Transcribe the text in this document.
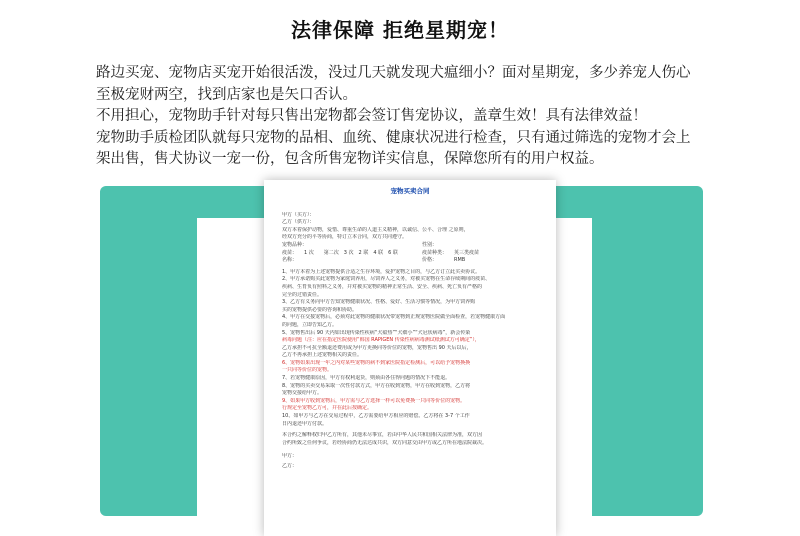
法律保障 拒绝星期宠！

路边买宠、宠物店买宠开始很活泼，没过几天就发现犬瘟细小？面对星期宠，多少养宠人伤心

至极宠财两空，找到店家也是矢口否认。

不用担心，宠物助手针对每只售出宠物都会签订售宠协议，盖章生效！具有法律效益！

宠物助手质检团队就每只宠物的品相、血统、健康状况进行检查，只有通过筛选的宠物才会上

架出售，售犬协议一宠一份，包含所售宠物详实信息，保障您所有的用户权益。

宠物买卖合同
甲方（买方）：
乙方（供方）：
双方本着保护动物，爱惜、尊重生命的人道主义精神，以诚信、公平、合理 之原则，
经双方充分的平等协商，特订立本合同，双方共同遵守。
宠物品种：	性别：
疫苗：	1 次　　第二次　3 次　2 联　4 联　6 联	疫苗种类：	英三类疫苗
名称：	价格：	RMB
1、甲方本着为上述宠物提供合适之生存环境，爱护宠物之目的，与乙方订立此买卖协议。
2、甲方承诺购买此宠物为家庭饲养用，尽饲养人之义务，对被买宠物在生命存续期间的疫苗、
疾病、生育负有照料之义务，并对被买宠物的精神正常生活、安全、疾病、死亡负有严格的
完全的过错责任。
3、乙方有义务向甲方告知宠物健康状况、性格、爱好、生活习惯等情况，为甲方饲养购
买的宠物提供必要的咨询和协助。
4、甲方在交接宠物后，必须对此宠物的健康状况带宠物到正规宠物医院做全面检查，若宠物健康方面
的问题，立即告知乙方。
5、宠物售出后 90 天内如出现传染性疾病“犬瘟热”“犬细小”“犬冠状病毒”，新会传染
病毒问题（注：应在指定医院使用“韩国 RAPIGEN 传染性病病毒测试纸测试方可确定”），
乙方承担不可抗全额退还费用或为甲方更换同等价位的宠物，宠物售出 90 天后以后，
乙方不再承担上述宠物相关的责任。
6、宠物如果出现一年之内对某些宠物的病不到家医院指定检测后，可以给予宠物换换
一只同等价位的宠物。
7、若宠物健康原因，甲方有权利退货，则须由各住得问题的情况下不能退。
8、宠物的买卖交易采取一次性付款方式，甲方在收到宠物，甲方在收到宠物，乙方将
宠物交接给甲方。
9、如果甲方收到宠物后，甲方需与乙方选择一样可以免费换一只同等价位的宠物。
行规定至宠物乙方可，并在此后按确定。
10、如甲方与乙方在交易过程中，乙方需要给甲方相应的赔偿。乙方将在 3-7 个工作
日内退还甲方付款。
本合约之解释权归甲乙方所有，其他未尽事宜，若由中华人民共和国相关法律为准，双方因
合约所致之任何争议，若经协商仍无法达成共识，双方同意交由甲方或乙方所在地法院裁决。
甲方：
乙方：
